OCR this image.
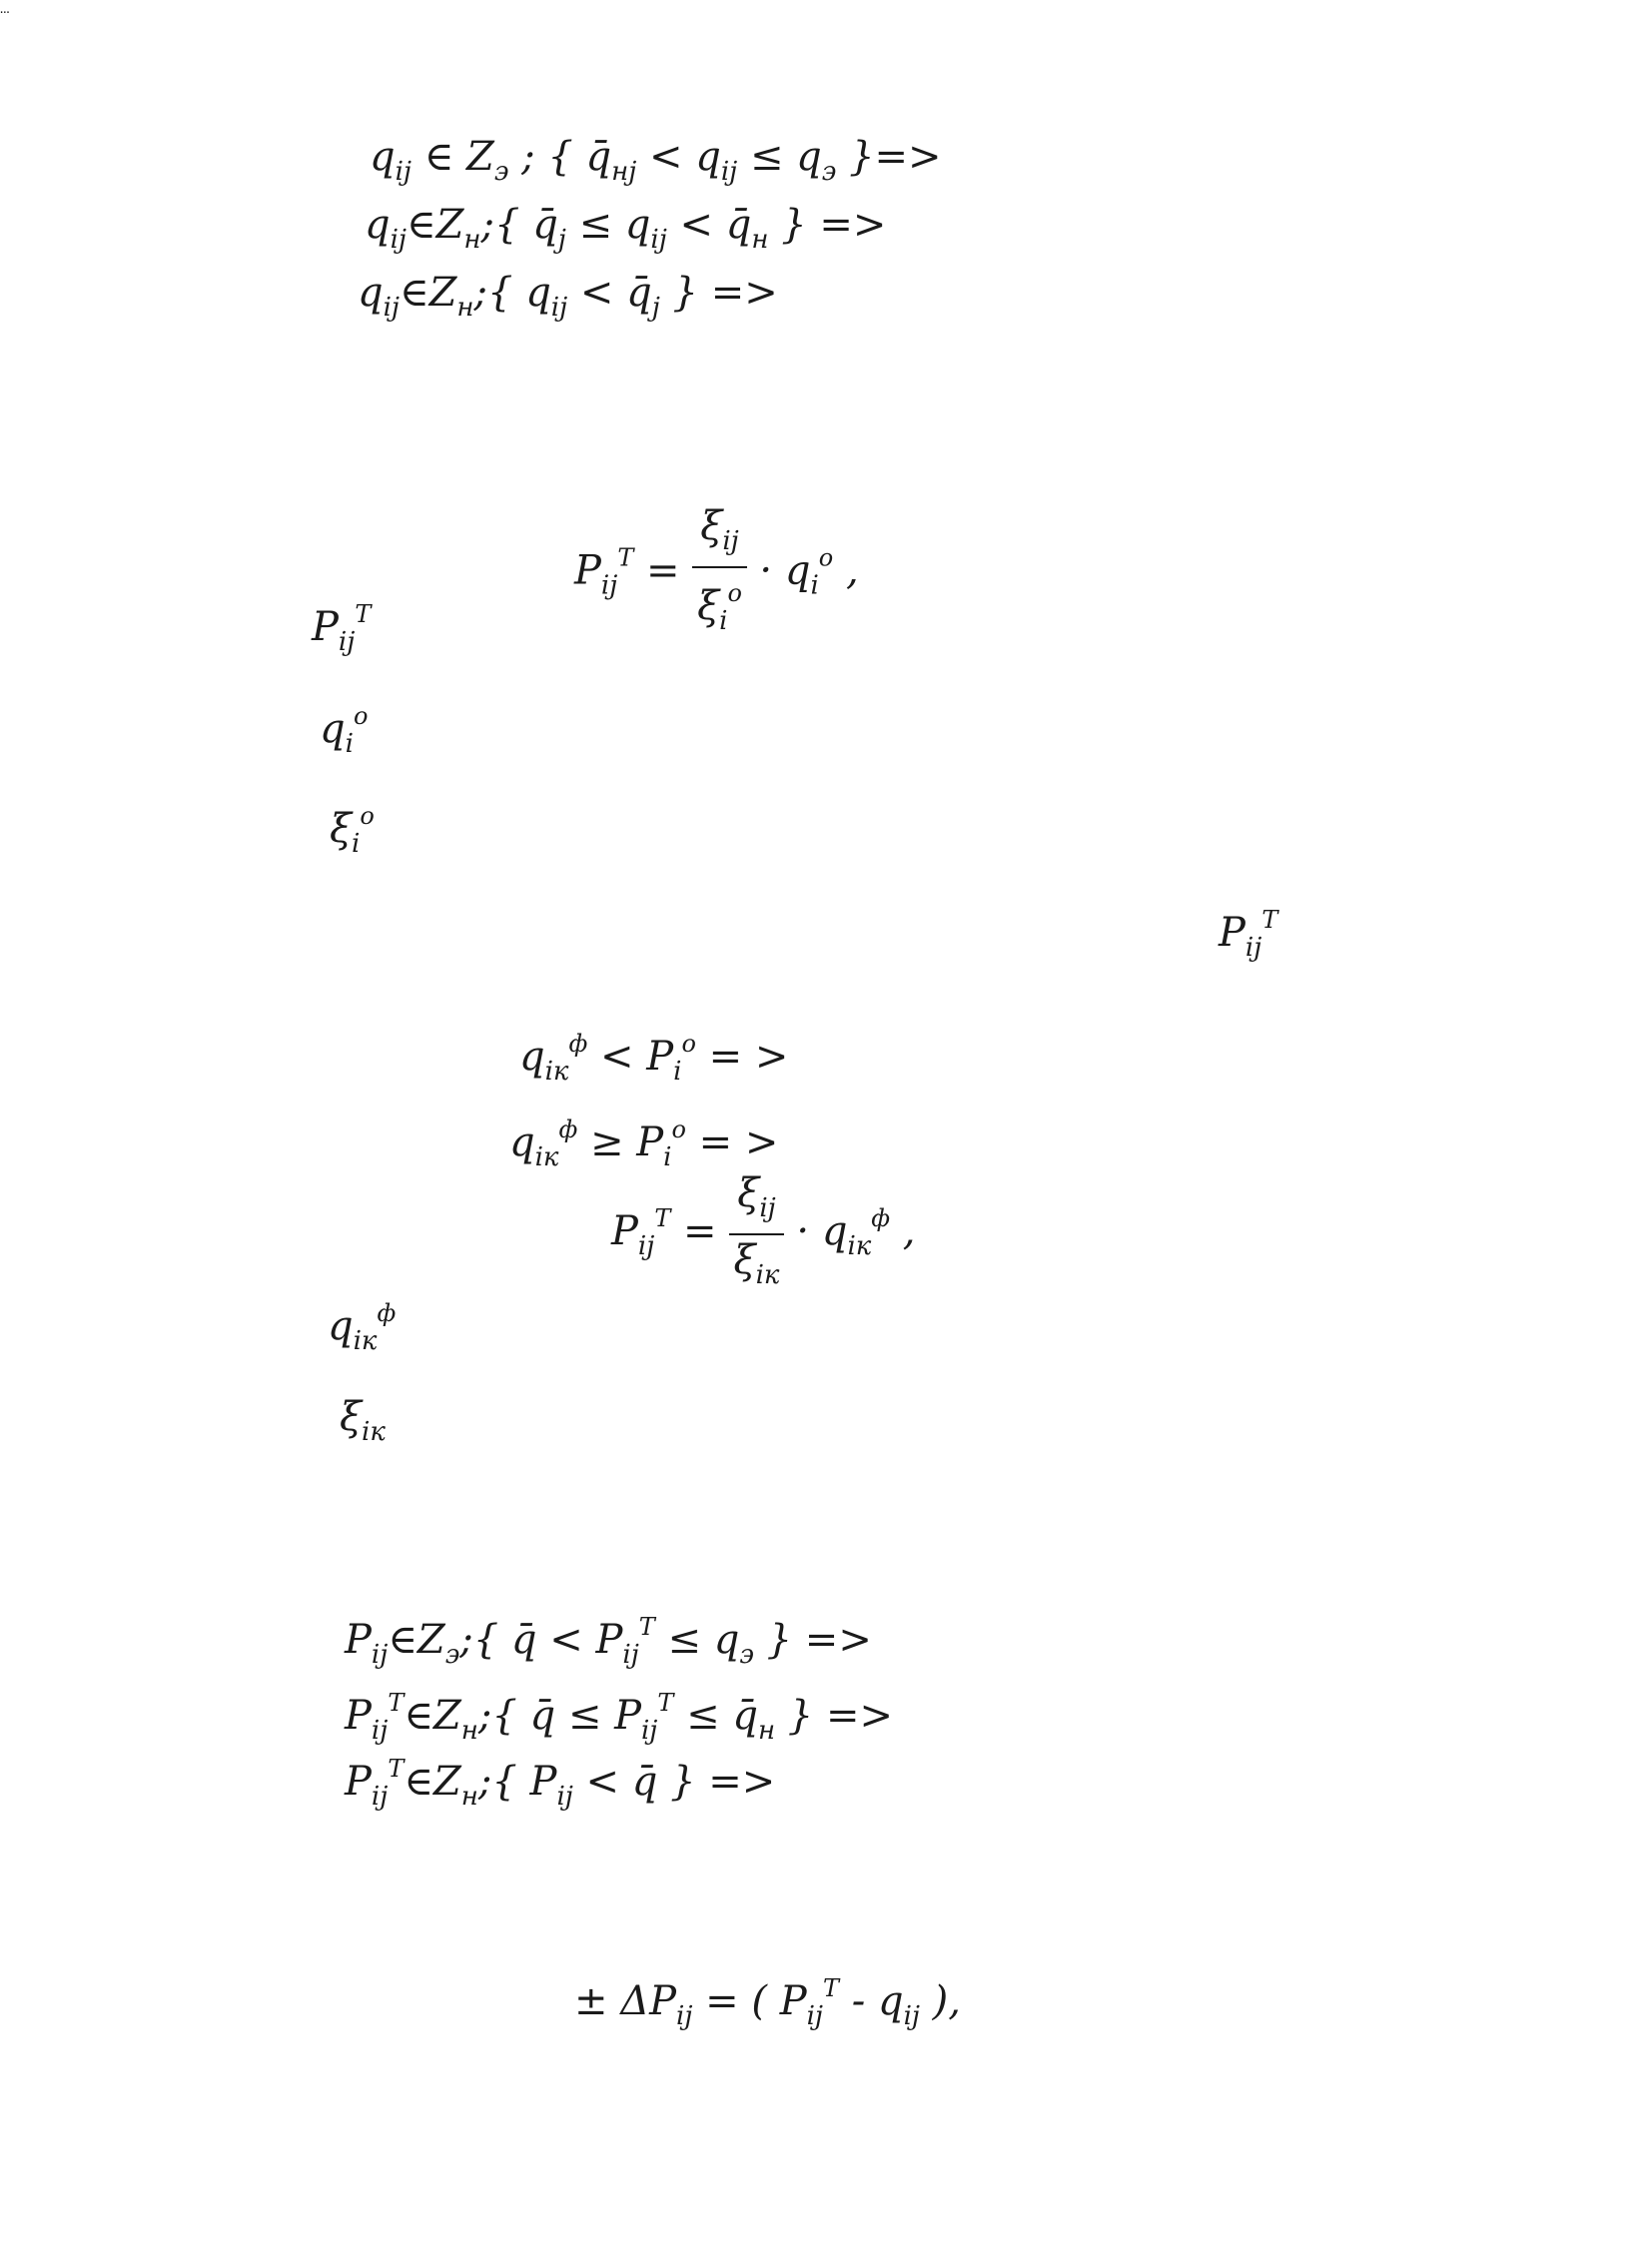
$q_{ij}$ ∈ $Z_э$ ; { $q̄_{нj} < q_{ij} \le q_э$ }=>
$q_{ij}\in Z_н$;{ $q̄_j \le q_{ij}$ < $q̄_н$ } =>
$q_{ij}\in Z_н$;{ $q_{ij}$ < $q̄_j$ } =>
$P_{ij}^T = \frac{\xi_{ij}}{\xi_i^o} \cdot q_i^o$ ,
$P_{ij}^T$
$q_i^o$
$\xi_i^o$
$P_{ij}^T$
$q_{iк}^ф < P_i^o$ = >
$q_{iк}^ф \ge P_i^o$ = >
$P_{ij}^T = \frac{\xi_{ij}}{\xi_{iк}} \cdot q_{iк}^ф$ ,
$q_{iк}^ф$
$\xi_{iк}$
$P_{ij}\in Z_э$;{ q̄ < $P_{ij}^T \le q_э$ } =>
$P_{ij}^T\in Z_н$;{ q̄ ≤ $P_{ij}^T$ ≤ $q̄_н$ } =>
$P_{ij}^T\in Z_н$;{ $P_{ij}$ < q̄ } =>
± $\Delta P_{ij}$ = ( $P_{ij}^T - q_{ij}$ ),
…
